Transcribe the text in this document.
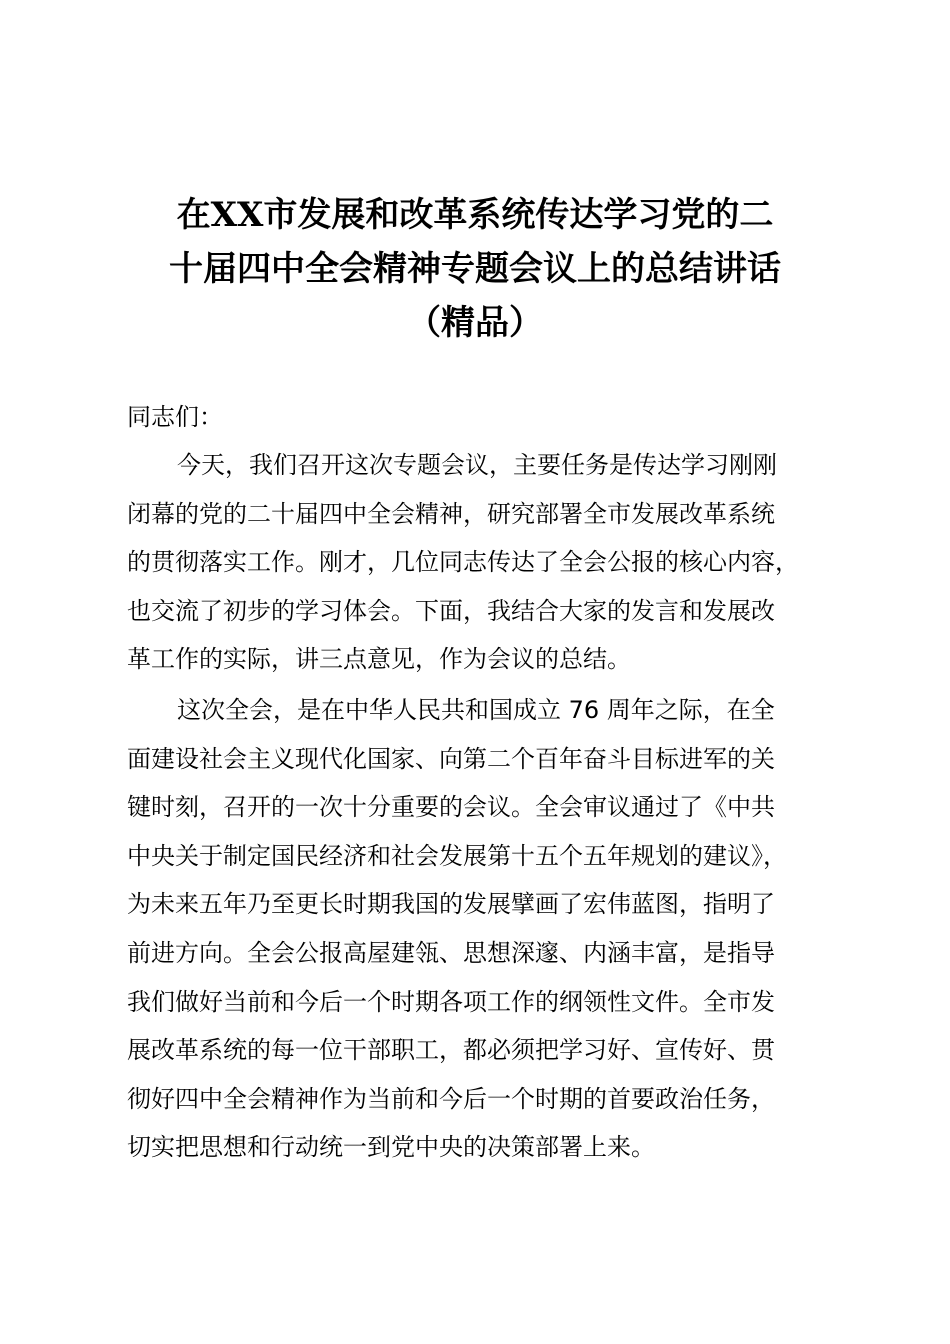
在XX市发展和改革系统传达学习党的二
十届四中全会精神专题会议上的总结讲话
（精品）

同志们：

今天，我们召开这次专题会议，主要任务是传达学习刚刚
闭幕的党的二十届四中全会精神，研究部署全市发展改革系统
的贯彻落实工作。刚才，几位同志传达了全会公报的核心内容，
也交流了初步的学习体会。下面，我结合大家的发言和发展改
革工作的实际，讲三点意见，作为会议的总结。

这次全会，是在中华人民共和国成立 76 周年之际，在全
面建设社会主义现代化国家、向第二个百年奋斗目标进军的关
键时刻，召开的一次十分重要的会议。全会审议通过了《中共
中央关于制定国民经济和社会发展第十五个五年规划的建议》，
为未来五年乃至更长时期我国的发展擘画了宏伟蓝图，指明了
前进方向。全会公报高屋建瓴、思想深邃、内涵丰富，是指导
我们做好当前和今后一个时期各项工作的纲领性文件。全市发
展改革系统的每一位干部职工，都必须把学习好、宣传好、贯
彻好四中全会精神作为当前和今后一个时期的首要政治任务，
切实把思想和行动统一到党中央的决策部署上来。
